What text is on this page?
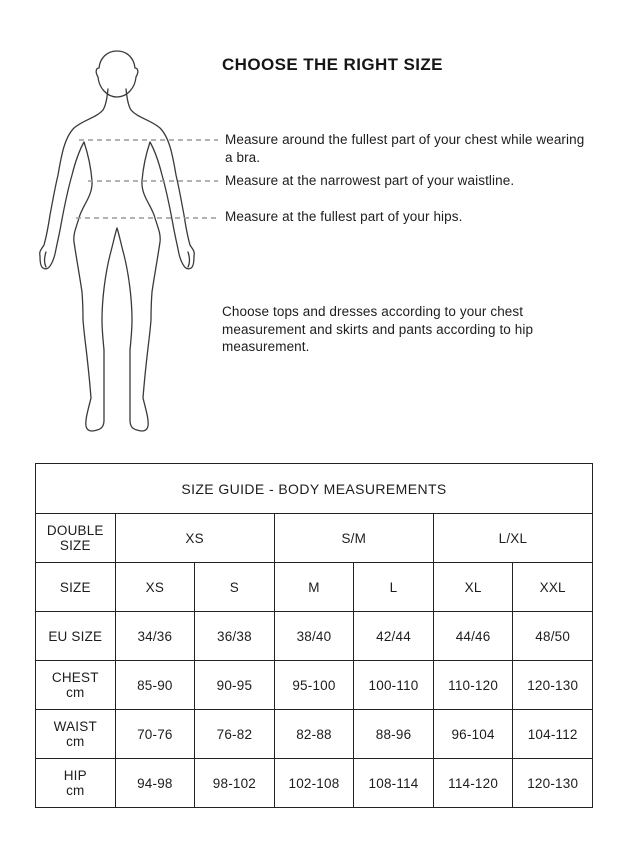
CHOOSE THE RIGHT SIZE
Measure around the fullest part of your chest while wearing a bra.
Measure at the narrowest part of your waistline.
Measure at the fullest part of your hips.
Choose tops and dresses according to your chest measurement and skirts and pants according to hip measurement.
SIZE GUIDE - BODY MEASUREMENTS						
DOUBLE SIZE	XS		S/M		L/XL	
SIZE	XS	S	M	L	XL	XXL
EU SIZE	34/36	36/38	38/40	42/44	44/46	48/50

CHEST
cm	85-90	90-95	95-100	100-110	110-120	120-130

WAIST
cm	70-76	76-82	82-88	88-96	96-104	104-112

HIP
cm	94-98	98-102	102-108	108-114	114-120	120-130
